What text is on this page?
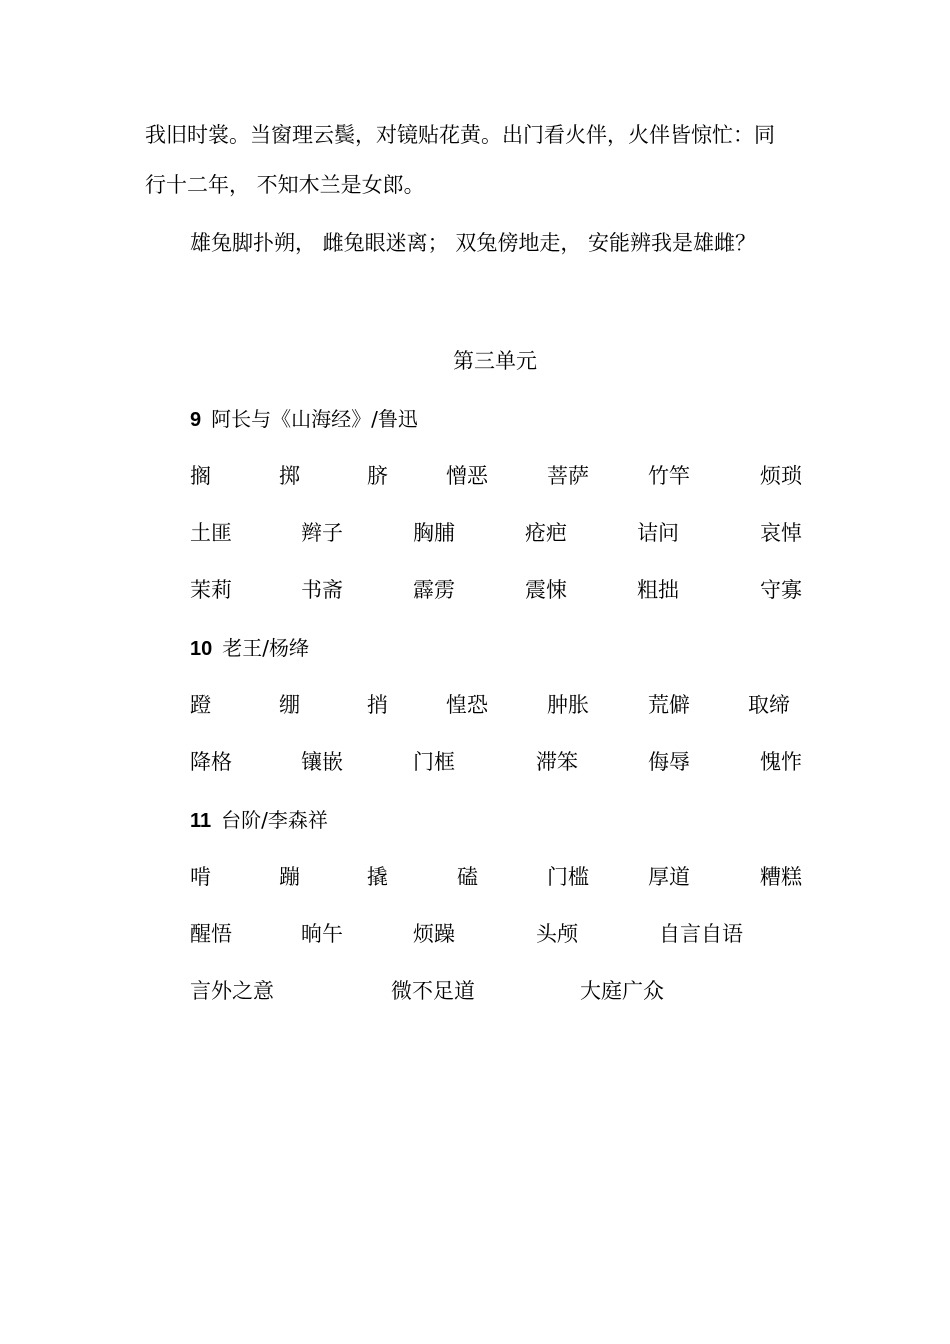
我旧时裳。当窗理云鬓，对镜贴花黄。出门看火伴，火伴皆惊忙：同
行十二年， 不知木兰是女郎。
雄兔脚扑朔， 雌兔眼迷离； 双兔傍地走， 安能辨我是雄雌？
第三单元
9 阿长与《山海经》/鲁迅
搁	掷	脐	憎恶	菩萨	竹竿	烦琐
土匪	辫子	胸脯	疮疤	诘问	哀悼
茉莉	书斋	霹雳	震悚	粗拙	守寡
10 老王/杨绛
蹬	绷	捎	惶恐	肿胀	荒僻	取缔
降格	镶嵌	门框	滞笨	侮辱	愧怍
11 台阶/李森祥
啃	蹦	撬	磕	门槛	厚道	糟糕
醒悟	晌午	烦躁	头颅	自言自语
言外之意	微不足道	大庭广众
